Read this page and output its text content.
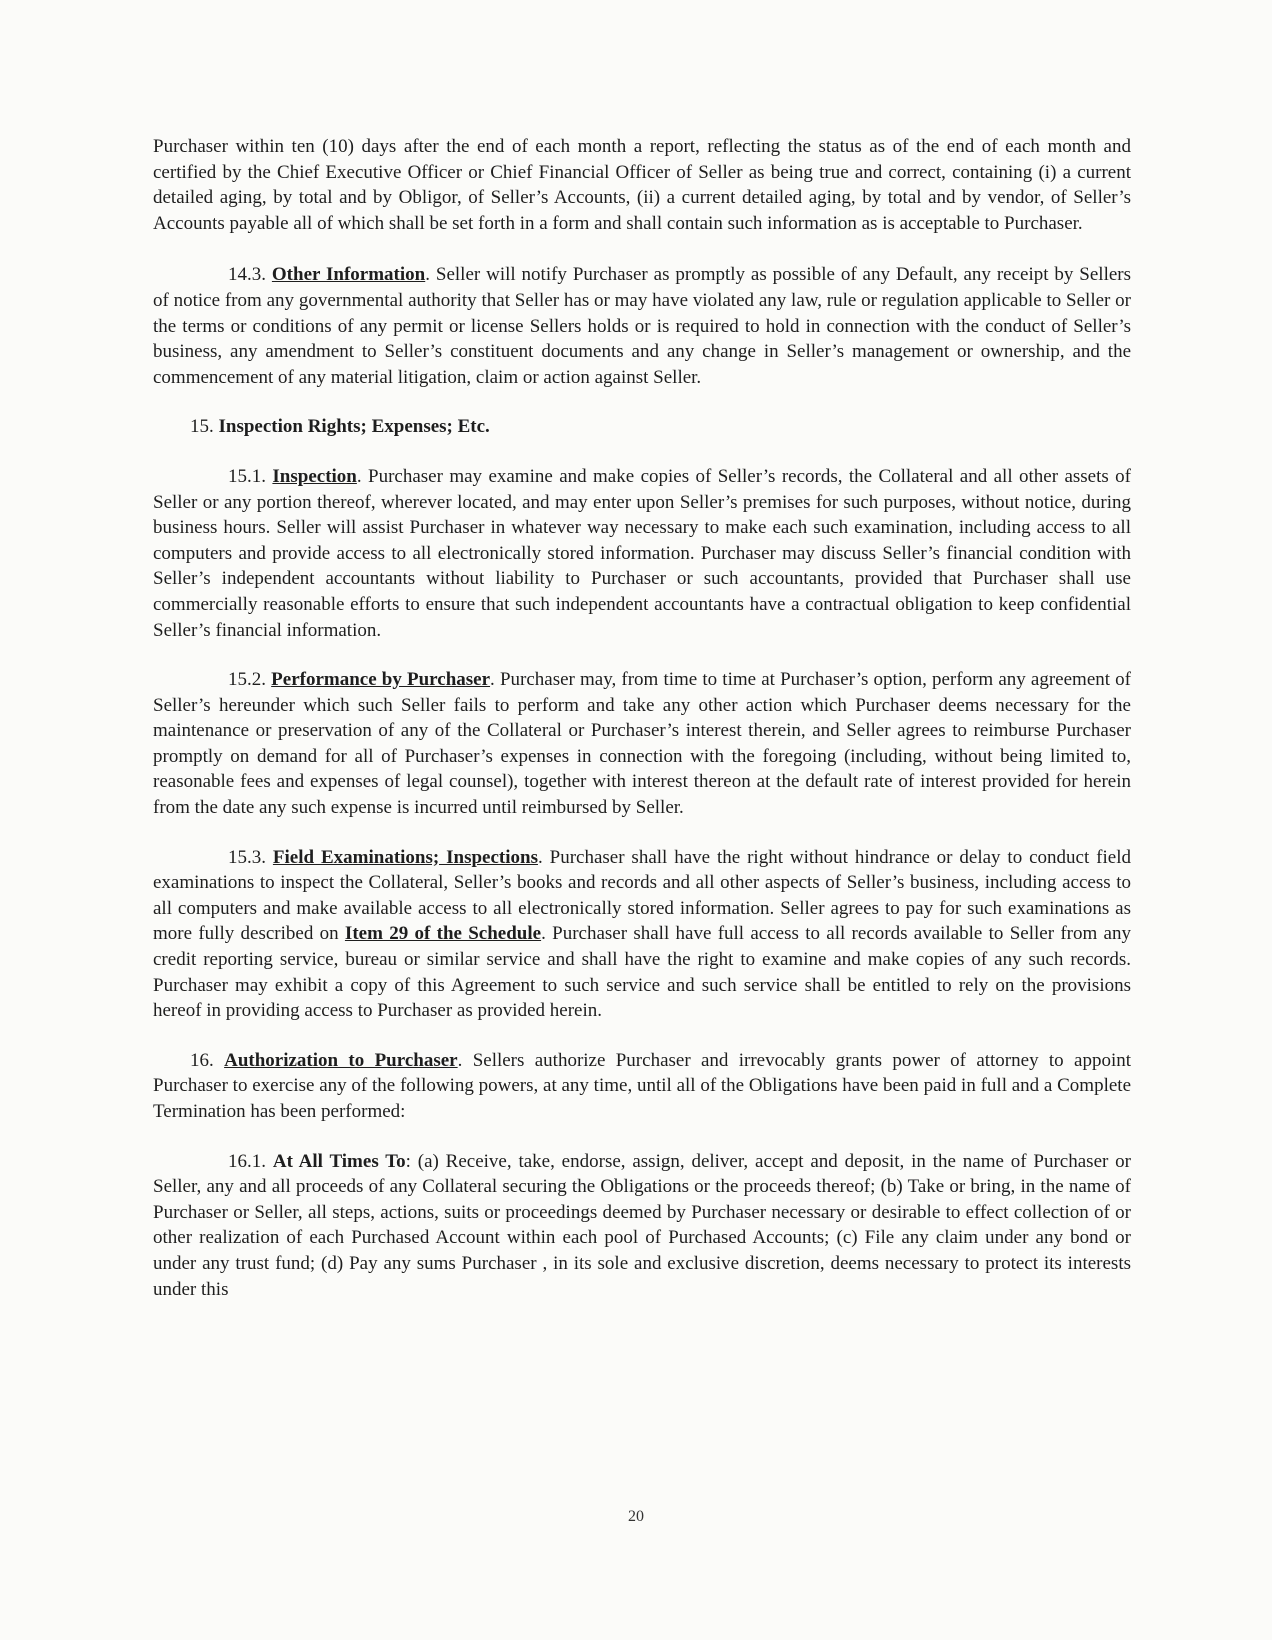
Purchaser within ten (10) days after the end of each month a report, reflecting the status as of the end of each month and certified by the Chief Executive Officer or Chief Financial Officer of Seller as being true and correct, containing (i) a current detailed aging, by total and by Obligor, of Seller’s Accounts, (ii) a current detailed aging, by total and by vendor, of Seller’s Accounts payable all of which shall be set forth in a form and shall contain such information as is acceptable to Purchaser.

14.3. Other Information. Seller will notify Purchaser as promptly as possible of any Default, any receipt by Sellers of notice from any governmental authority that Seller has or may have violated any law, rule or regulation applicable to Seller or the terms or conditions of any permit or license Sellers holds or is required to hold in connection with the conduct of Seller’s business, any amendment to Seller’s constituent documents and any change in Seller’s management or ownership, and the commencement of any material litigation, claim or action against Seller.

15. Inspection Rights; Expenses; Etc.

15.1. Inspection. Purchaser may examine and make copies of Seller’s records, the Collateral and all other assets of Seller or any portion thereof, wherever located, and may enter upon Seller’s premises for such purposes, without notice, during business hours. Seller will assist Purchaser in whatever way necessary to make each such examination, including access to all computers and provide access to all electronically stored information. Purchaser may discuss Seller’s financial condition with Seller’s independent accountants without liability to Purchaser or such accountants, provided that Purchaser shall use commercially reasonable efforts to ensure that such independent accountants have a contractual obligation to keep confidential Seller’s financial information.

15.2. Performance by Purchaser. Purchaser may, from time to time at Purchaser’s option, perform any agreement of Seller’s hereunder which such Seller fails to perform and take any other action which Purchaser deems necessary for the maintenance or preservation of any of the Collateral or Purchaser’s interest therein, and Seller agrees to reimburse Purchaser promptly on demand for all of Purchaser’s expenses in connection with the foregoing (including, without being limited to, reasonable fees and expenses of legal counsel), together with interest thereon at the default rate of interest provided for herein from the date any such expense is incurred until reimbursed by Seller.

15.3. Field Examinations; Inspections. Purchaser shall have the right without hindrance or delay to conduct field examinations to inspect the Collateral, Seller’s books and records and all other aspects of Seller’s business, including access to all computers and make available access to all electronically stored information. Seller agrees to pay for such examinations as more fully described on Item 29 of the Schedule. Purchaser shall have full access to all records available to Seller from any credit reporting service, bureau or similar service and shall have the right to examine and make copies of any such records. Purchaser may exhibit a copy of this Agreement to such service and such service shall be entitled to rely on the provisions hereof in providing access to Purchaser as provided herein.

16. Authorization to Purchaser. Sellers authorize Purchaser and irrevocably grants power of attorney to appoint Purchaser to exercise any of the following powers, at any time, until all of the Obligations have been paid in full and a Complete Termination has been performed:

16.1. At All Times To: (a) Receive, take, endorse, assign, deliver, accept and deposit, in the name of Purchaser or Seller, any and all proceeds of any Collateral securing the Obligations or the proceeds thereof; (b) Take or bring, in the name of Purchaser or Seller, all steps, actions, suits or proceedings deemed by Purchaser necessary or desirable to effect collection of or other realization of each Purchased Account within each pool of Purchased Accounts; (c) File any claim under any bond or under any trust fund; (d) Pay any sums Purchaser , in its sole and exclusive discretion, deems necessary to protect its interests under this

20
